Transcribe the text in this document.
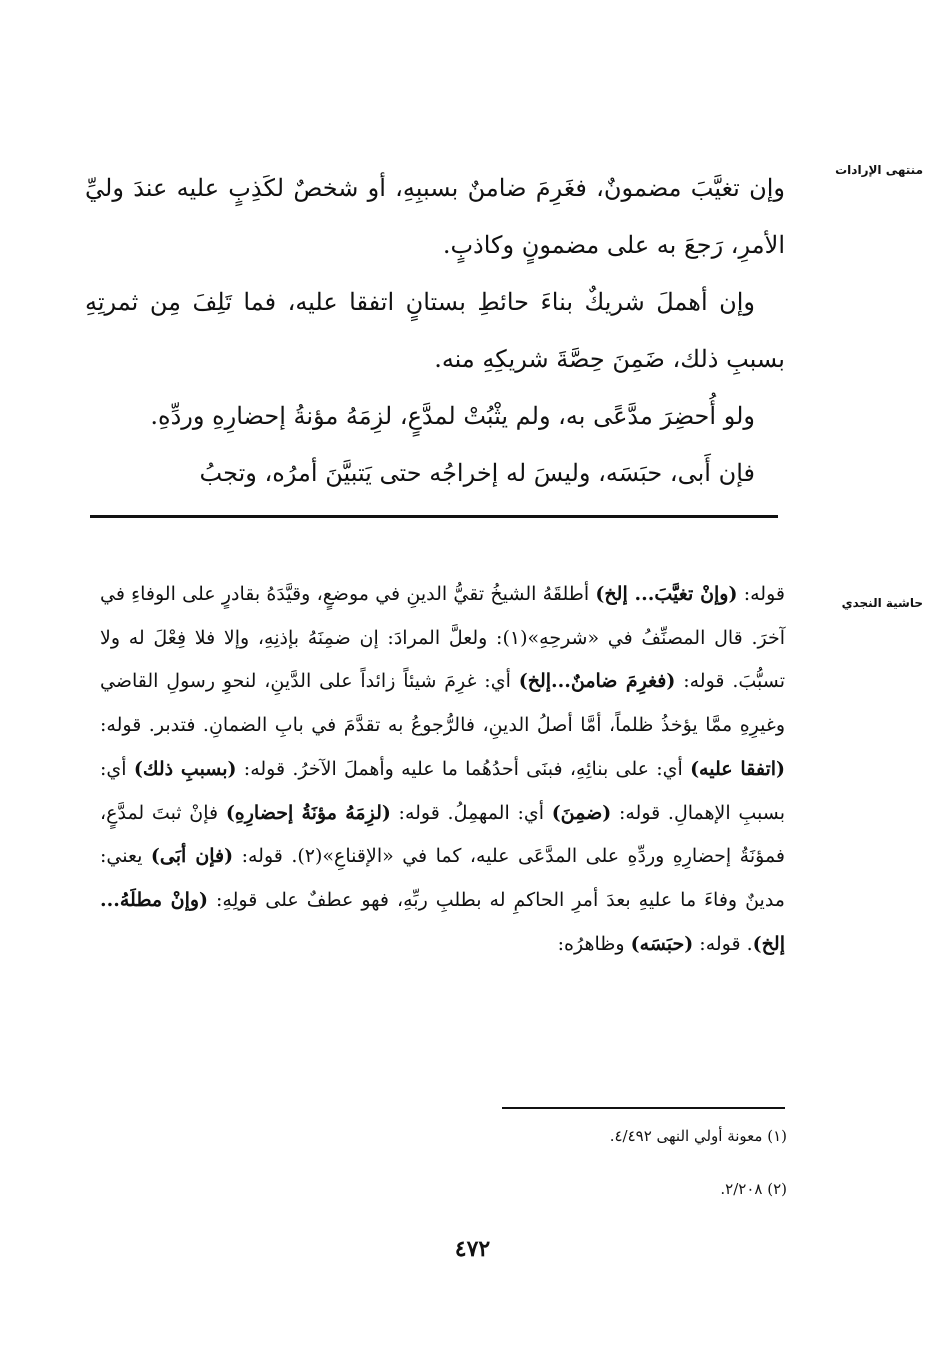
منتهى الإرادات

وإن تغيَّبَ مضمونٌ، فغَرِمَ ضامنٌ بسببِهِ، أو شخصٌ لكَذِبٍ عليه عندَ وليِّ الأمرِ، رَجعَ به على مضمونٍ وكاذبٍ.

وإن أهملَ شريكٌ بناءَ حائطِ بستانٍ اتفقا عليه، فما تَلِفَ مِن ثمرتِهِ بسببِ ذلك، ضَمِنَ حِصَّةَ شريكِهِ منه.

ولو أُحضِرَ مدَّعًى به، ولم يثْبُتْ لمدَّعٍ، لزِمَهُ مؤنةُ إحضارِهِ وردِّهِ.

فإن أَبى، حبَسَه، وليسَ له إخراجُه حتى يَتبيَّنَ أمرُه، وتجبُ

حاشية النجدي
قوله: (وإنْ تغيَّبَ... إلخ) أطلقَهُ الشيخُ تقيُّ الدينِ في موضعٍ، وقيَّدَهُ بقادرٍ على الوفاءِ في آخرَ. قال المصنِّفُ في «شرحِهِ»(١): ولعلَّ المرادَ: إن ضمِنَهُ بإذنِهِ، وإلا فلا فِعْلَ له ولا تسبُّبَ. قوله: (فغرِمَ ضامنٌ...إلخ) أي: غرِمَ شيئاً زائداً على الدَّينِ، لنحوِ رسولِ القاضي وغيرِهِ ممَّا يؤخذُ ظلماً، أمَّا أصلُ الدينِ، فالرُّجوعُ به تقدَّمَ في بابِ الضمانِ. فتدبر. قوله: (اتفقا عليه) أي: على بنائِهِ، فبنَى أحدُهُما ما عليه وأهملَ الآخرُ. قوله: (بسببِ ذلك) أي: بسببِ الإهمالِ. قوله: (ضمِنَ) أي: المهمِلُ. قوله: (لزِمَهُ مؤنَةُ إحضارِهِ) فإنْ ثبتَ لمدَّعٍ، فمؤنَةُ إحضارِهِ وردِّهِ على المدَّعَى عليه، كما في «الإقناعِ»(٢). قوله: (فإن أبَى) يعني: مدينٌ وفاءَ ما عليهِ بعدَ أمرِ الحاكمِ له بطلبِ ربِّهِ، فهو عطفٌ على قولِهِ: (وإنْ مطلَهُ... إلخ). قوله: (حبَسَه) وظاهرُه:
(١) معونة أولي النهى ٤/٤٩٢.
(٢) ٢/٢٠٨.
٤٧٢
